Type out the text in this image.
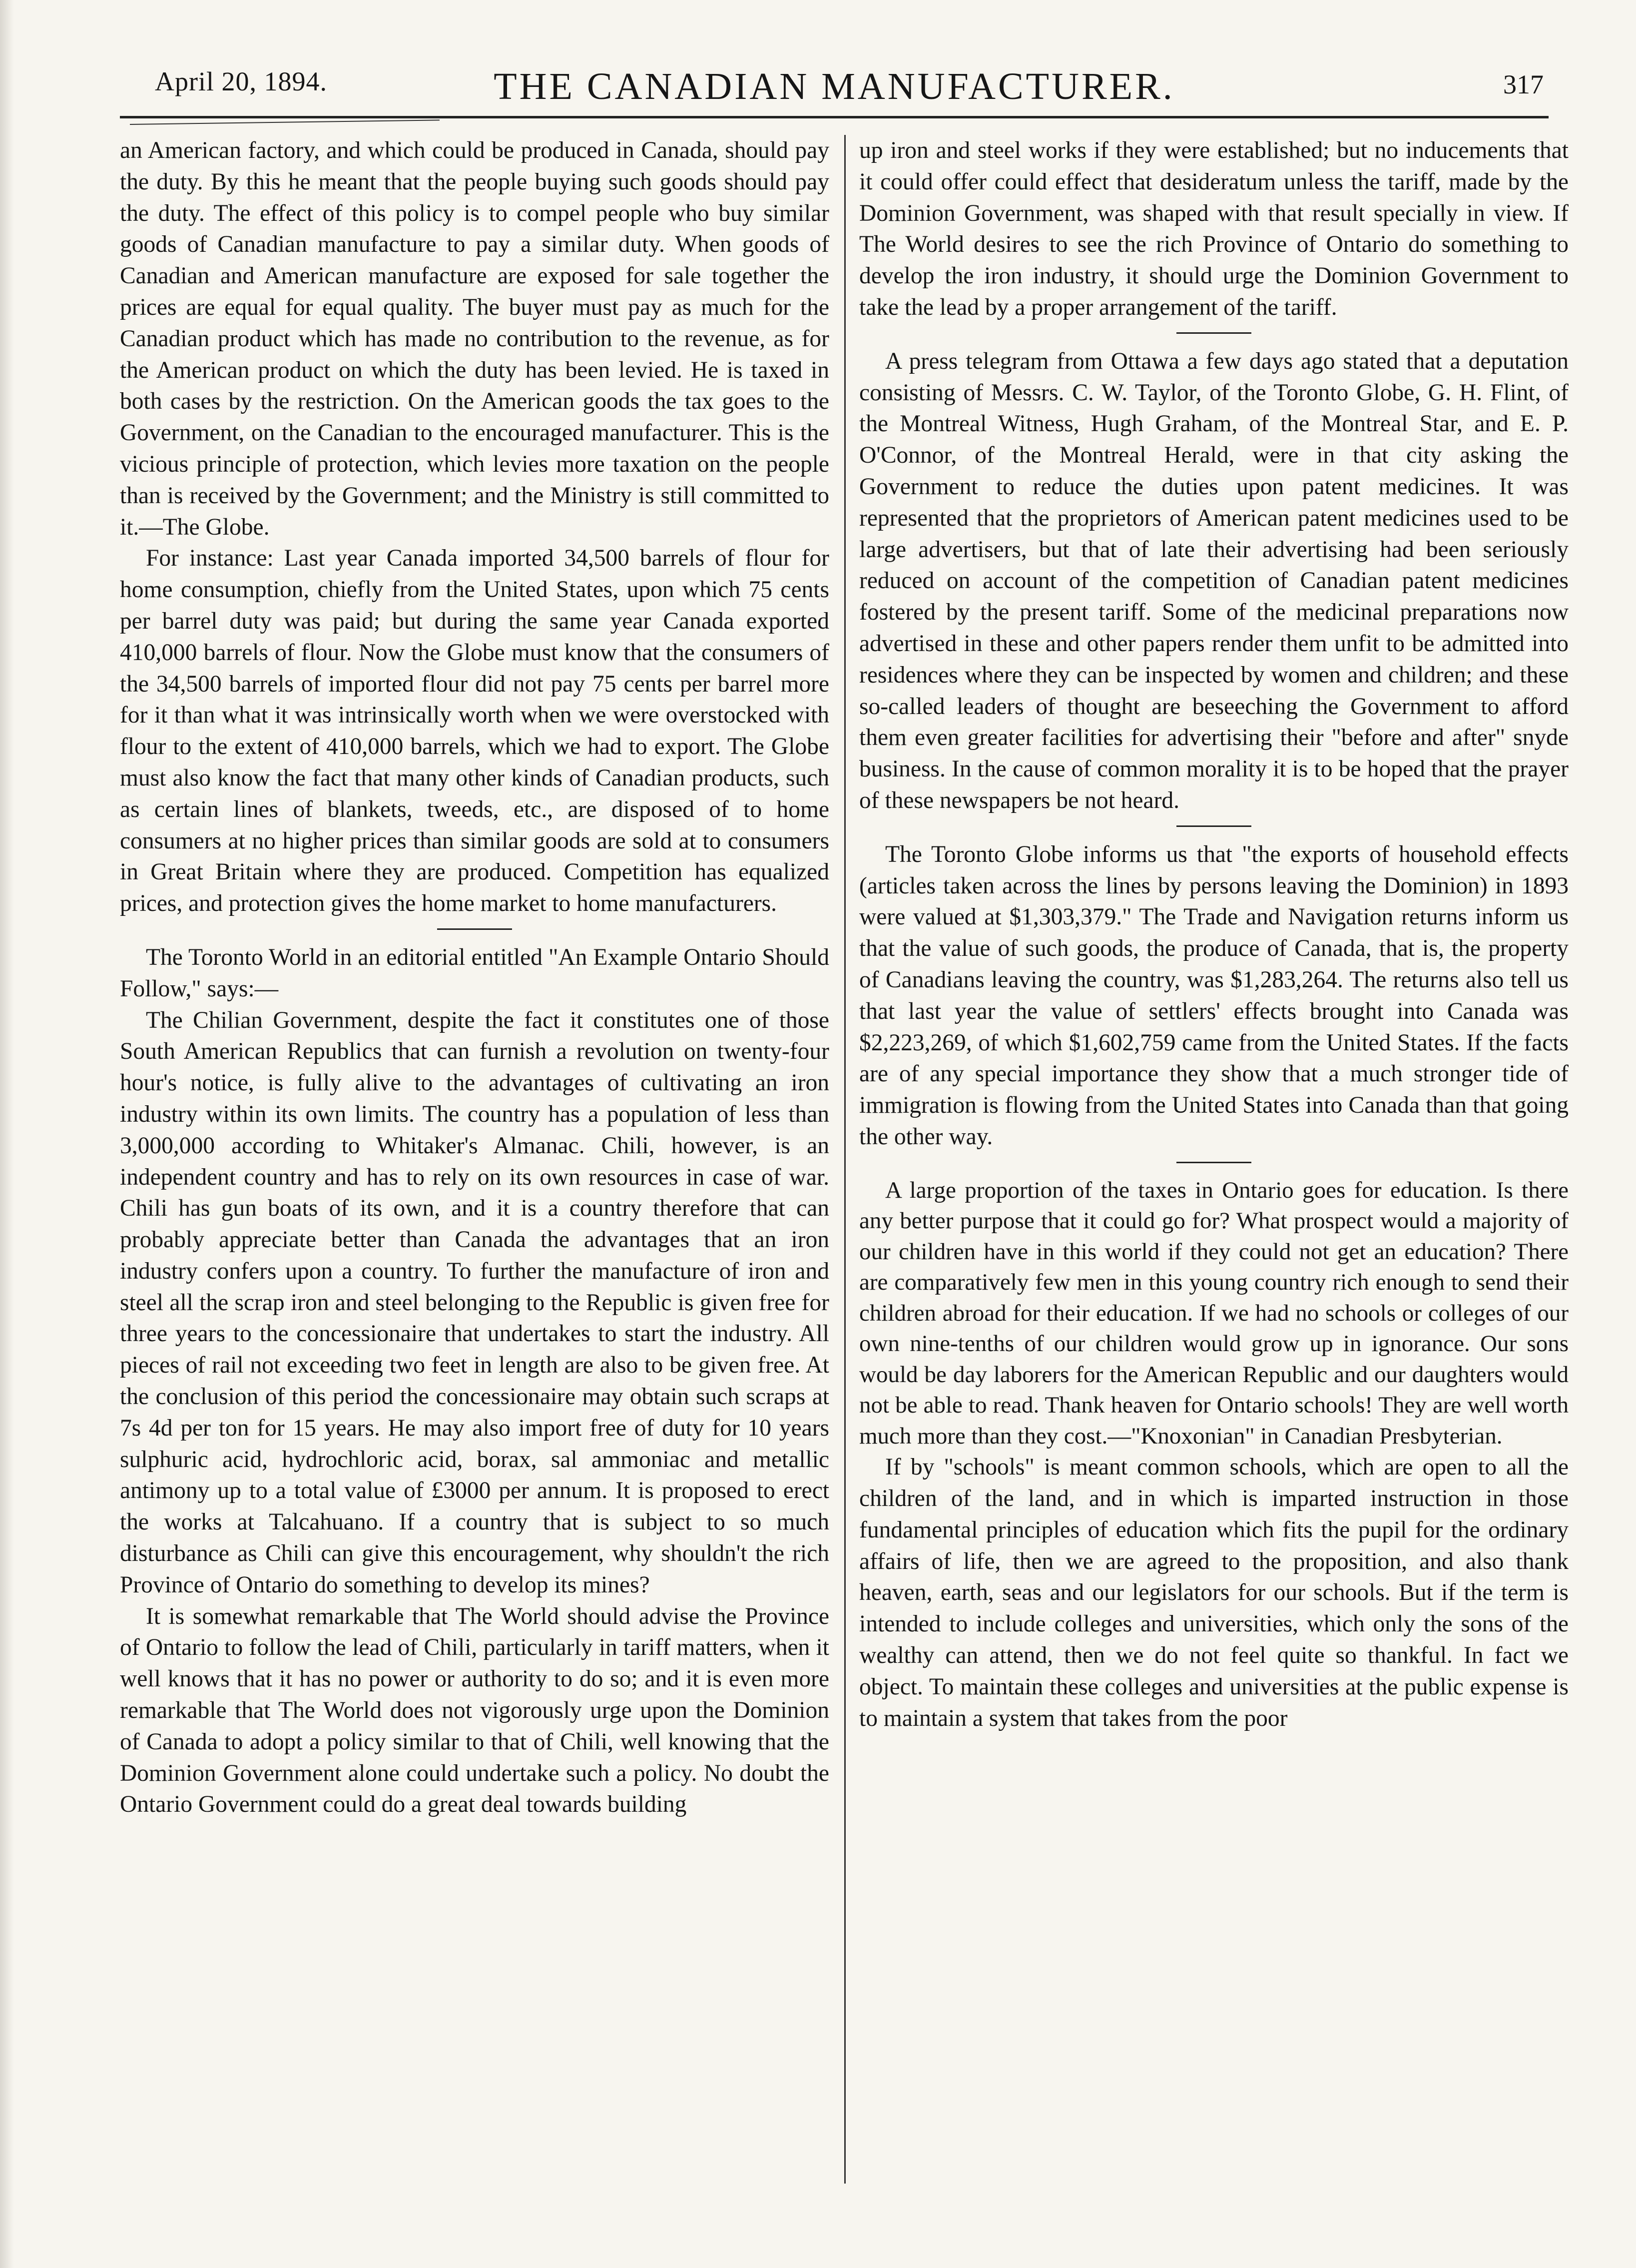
April 20, 1894.	THE CANADIAN MANUFACTURER.	317

an American factory, and which could be produced in Canada, should pay the duty. By this he meant that the people buying such goods should pay the duty. The effect of this policy is to compel people who buy similar goods of Canadian manufacture to pay a similar duty. When goods of Canadian and American manufacture are exposed for sale together the prices are equal for equal quality. The buyer must pay as much for the Canadian product which has made no contribution to the revenue, as for the American product on which the duty has been levied. He is taxed in both cases by the restriction. On the American goods the tax goes to the Government, on the Canadian to the encouraged manufacturer. This is the vicious principle of protection, which levies more taxation on the people than is received by the Government; and the Ministry is still committed to it.—The Globe.

For instance: Last year Canada imported 34,500 barrels of flour for home consumption, chiefly from the United States, upon which 75 cents per barrel duty was paid; but during the same year Canada exported 410,000 barrels of flour. Now the Globe must know that the consumers of the 34,500 barrels of imported flour did not pay 75 cents per barrel more for it than what it was intrinsically worth when we were overstocked with flour to the extent of 410,000 barrels, which we had to export. The Globe must also know the fact that many other kinds of Canadian products, such as certain lines of blankets, tweeds, etc., are disposed of to home consumers at no higher prices than similar goods are sold at to consumers in Great Britain where they are produced. Competition has equalized prices, and protection gives the home market to home manufacturers.

The Toronto World in an editorial entitled "An Example Ontario Should Follow," says:—

The Chilian Government, despite the fact it constitutes one of those South American Republics that can furnish a revolution on twenty-four hour's notice, is fully alive to the advantages of cultivating an iron industry within its own limits. The country has a population of less than 3,000,000 according to Whitaker's Almanac. Chili, however, is an independent country and has to rely on its own resources in case of war. Chili has gun boats of its own, and it is a country therefore that can probably appreciate better than Canada the advantages that an iron industry confers upon a country. To further the manufacture of iron and steel all the scrap iron and steel belonging to the Republic is given free for three years to the concessionaire that undertakes to start the industry. All pieces of rail not exceeding two feet in length are also to be given free. At the conclusion of this period the concessionaire may obtain such scraps at 7s 4d per ton for 15 years. He may also import free of duty for 10 years sulphuric acid, hydrochloric acid, borax, sal ammoniac and metallic antimony up to a total value of £3000 per annum. It is proposed to erect the works at Talcahuano. If a country that is subject to so much disturbance as Chili can give this encouragement, why shouldn't the rich Province of Ontario do something to develop its mines?

It is somewhat remarkable that The World should advise the Province of Ontario to follow the lead of Chili, particularly in tariff matters, when it well knows that it has no power or authority to do so; and it is even more remarkable that The World does not vigorously urge upon the Dominion of Canada to adopt a policy similar to that of Chili, well knowing that the Dominion Government alone could undertake such a policy. No doubt the Ontario Government could do a great deal towards building

up iron and steel works if they were established; but no inducements that it could offer could effect that desideratum unless the tariff, made by the Dominion Government, was shaped with that result specially in view. If The World desires to see the rich Province of Ontario do something to develop the iron industry, it should urge the Dominion Government to take the lead by a proper arrangement of the tariff.

A press telegram from Ottawa a few days ago stated that a deputation consisting of Messrs. C. W. Taylor, of the Toronto Globe, G. H. Flint, of the Montreal Witness, Hugh Graham, of the Montreal Star, and E. P. O'Connor, of the Montreal Herald, were in that city asking the Government to reduce the duties upon patent medicines. It was represented that the proprietors of American patent medicines used to be large advertisers, but that of late their advertising had been seriously reduced on account of the competition of Canadian patent medicines fostered by the present tariff. Some of the medicinal preparations now advertised in these and other papers render them unfit to be admitted into residences where they can be inspected by women and children; and these so-called leaders of thought are beseeching the Government to afford them even greater facilities for advertising their "before and after" snyde business. In the cause of common morality it is to be hoped that the prayer of these newspapers be not heard.

The Toronto Globe informs us that "the exports of household effects (articles taken across the lines by persons leaving the Dominion) in 1893 were valued at $1,303,379." The Trade and Navigation returns inform us that the value of such goods, the produce of Canada, that is, the property of Canadians leaving the country, was $1,283,264. The returns also tell us that last year the value of settlers' effects brought into Canada was $2,223,269, of which $1,602,759 came from the United States. If the facts are of any special importance they show that a much stronger tide of immigration is flowing from the United States into Canada than that going the other way.

A large proportion of the taxes in Ontario goes for education. Is there any better purpose that it could go for? What prospect would a majority of our children have in this world if they could not get an education? There are comparatively few men in this young country rich enough to send their children abroad for their education. If we had no schools or colleges of our own nine-tenths of our children would grow up in ignorance. Our sons would be day laborers for the American Republic and our daughters would not be able to read. Thank heaven for Ontario schools! They are well worth much more than they cost.—"Knoxonian" in Canadian Presbyterian.

If by "schools" is meant common schools, which are open to all the children of the land, and in which is imparted instruction in those fundamental principles of education which fits the pupil for the ordinary affairs of life, then we are agreed to the proposition, and also thank heaven, earth, seas and our legislators for our schools. But if the term is intended to include colleges and universities, which only the sons of the wealthy can attend, then we do not feel quite so thankful. In fact we object. To maintain these colleges and universities at the public expense is to maintain a system that takes from the poor
